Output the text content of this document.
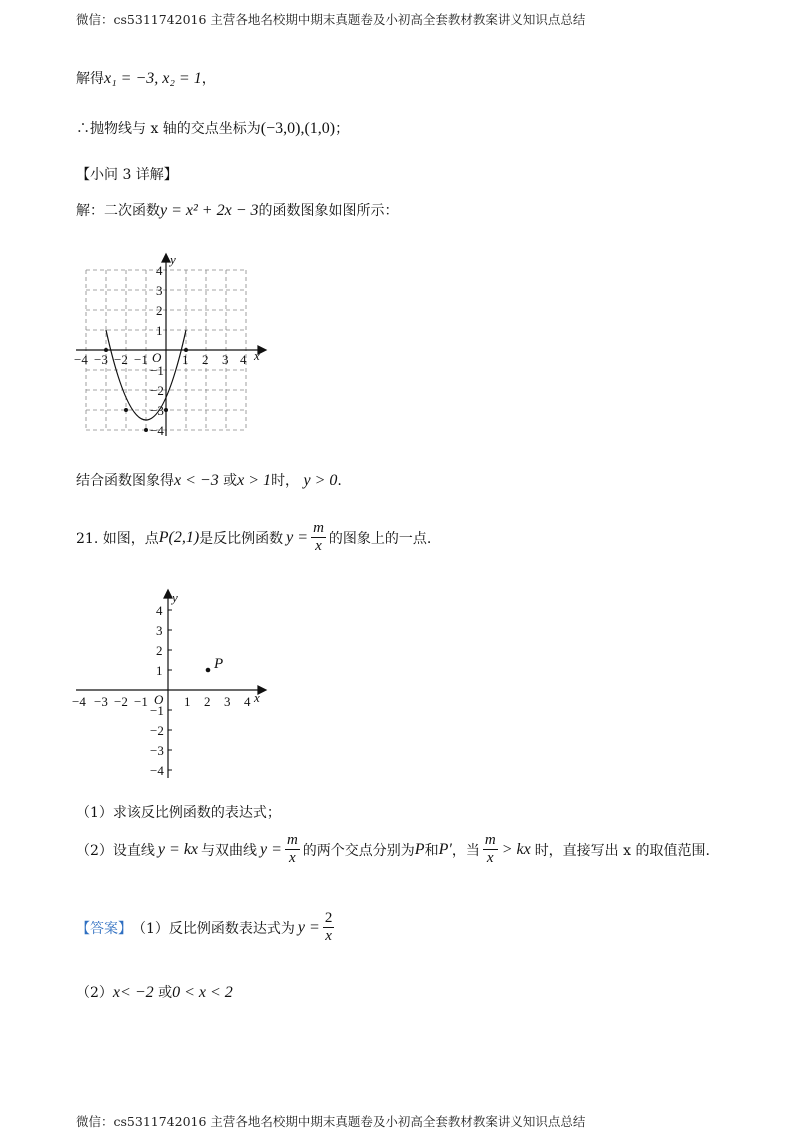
微信：cs5311742016 主营各地名校期中期末真题卷及小初高全套教材教案讲义知识点总结
解得x₁ = −3, x₂ = 1，
∴抛物线与 x 轴的交点坐标为(−3,0),(1,0)；
【小问 3 详解】
解：二次函数y = x² + 2x − 3的函数图象如图所示：
−4 −3 −2 −1 O 1 2 3 4 x
y
4
3
2
1
−1
−2
−3
−4
结合函数图象得x < −3 或x > 1时， y > 0.
21. 如图，点 P(2,1) 是反比例函数 $y = \frac{m}{x}$ 的图象上的一点.
P
−4 −3 −2 −1 O 1 2 3 4 x
y
4
3
2
1
−1
−2
−3
−4
（1）求该反比例函数的表达式；
（2）设直线 y = kx 与双曲线 $y = \frac{m}{x}$ 的两个交点分别为 P 和 P′ ，当 $\frac{m}{x}$ > kx 时，直接写出 x 的取值范围.
【答案】 （1）反比例函数表达式为 $y = \frac{2}{x}$
（2）x< −2 或0 < x < 2
微信：cs5311742016 主营各地名校期中期末真题卷及小初高全套教材教案讲义知识点总结
